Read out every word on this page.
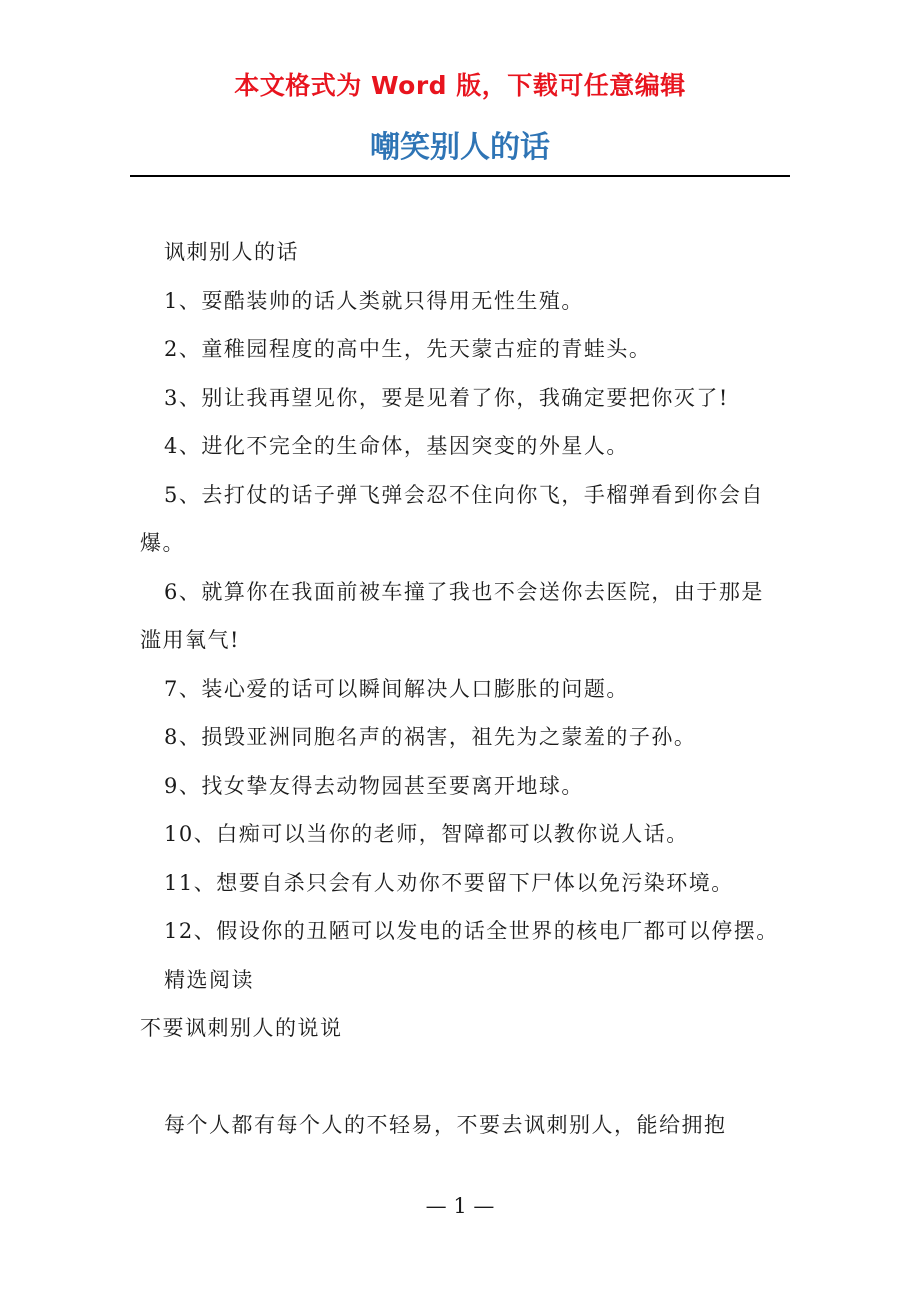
本文格式为 Word 版，下载可任意编辑
嘲笑别人的话

讽刺别人的话

1、耍酷装帅的话人类就只得用无性生殖。

2、童稚园程度的高中生，先天蒙古症的青蛙头。

3、别让我再望见你，要是见着了你，我确定要把你灭了!

4、进化不完全的生命体，基因突变的外星人。

5、去打仗的话子弹飞弹会忍不住向你飞，手榴弹看到你会自爆。

6、就算你在我面前被车撞了我也不会送你去医院，由于那是滥用氧气!

7、装心爱的话可以瞬间解决人口膨胀的问题。

8、损毁亚洲同胞名声的祸害，祖先为之蒙羞的子孙。

9、找女挚友得去动物园甚至要离开地球。

10、白痴可以当你的老师，智障都可以教你说人话。

11、想要自杀只会有人劝你不要留下尸体以免污染环境。

12、假设你的丑陋可以发电的话全世界的核电厂都可以停摆。

精选阅读

不要讽刺别人的说说

每个人都有每个人的不轻易，不要去讽刺别人，能给拥抱

— 1 —
